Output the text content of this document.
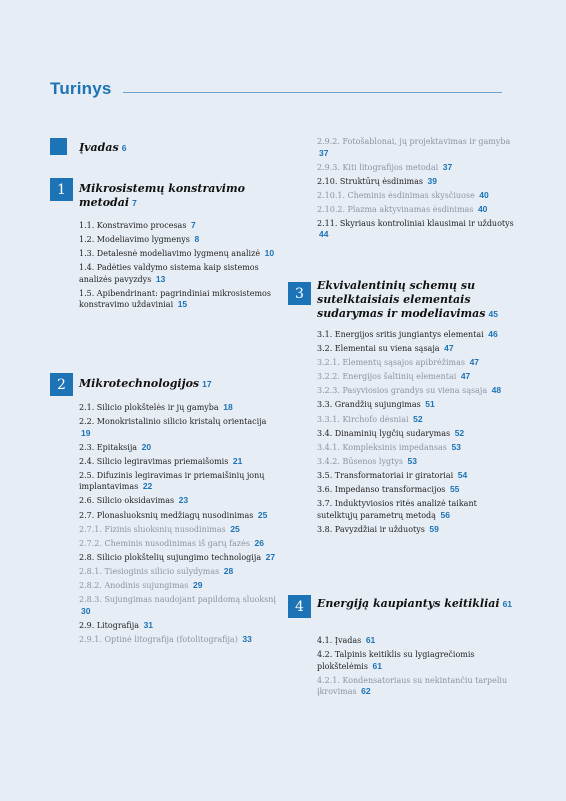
Turinys
Įvadas 6
1	Mikrosistemų konstravimo metodai 7
1.1. Konstravimo procesas 7
1.2. Modeliavimo lygmenys 8
1.3. Detalesnė modeliavimo lygmenų analizė 10
1.4. Padėties valdymo sistema kaip sistemos analizės pavyzdys 13
1.5. Apibendrinant: pagrindiniai mikrosistemos konstravimo uždaviniai 15
2	Mikrotechnologijos 17
2.1. Silicio plokštelės ir jų gamyba 18
2.2. Monokristalinio silicio kristalų orientacija 19
2.3. Epitaksija 20
2.4. Silicio legiravimas priemaišomis 21
2.5. Difuzinis legiravimas ir priemaišinių jonų implantavimas 22
2.6. Silicio oksidavimas 23
2.7. Plonasluoksnių medžiagų nusodinimas 25
2.7.1. Fizinis sluoksnių nusodinimas 25
2.7.2. Cheminis nusodinimas iš garų fazės 26
2.8. Silicio plokštelių sujungimo technologija 27
2.8.1. Tiesioginis silicio sulydymas 28
2.8.2. Anodinis sujungimas 29
2.8.3. Sujungimas naudojant papildomą sluoksnį 30
2.9. Litografija 31
2.9.1. Optinė litografija (fotolitografija) 33
2.9.2. Fotošablonai, jų projektavimas ir gamyba 37
2.9.3. Kiti litografijos metodai 37
2.10. Struktūrų ėsdinimas 39
2.10.1. Cheminis ėsdinimas skysčiuose 40
2.10.2. Plazma aktyvinamas ėsdinimas 40
2.11. Skyriaus kontroliniai klausimai ir užduotys 44
3	Ekvivalentinių schemų su sutelktaisiais elementais sudarymas ir modeliavimas 45
3.1. Energijos sritis jungiantys elementai 46
3.2. Elementai su viena sąsaja 47
3.2.1. Elementų sąsajos apibrėžimas 47
3.2.2. Energijos šaltinių elementai 47
3.2.3. Pasyviosios grandys su viena sąsaja 48
3.3. Grandžių sujungimas 51
3.3.1. Kirchofo dėsniai 52
3.4. Dinaminių lygčių sudarymas 52
3.4.1. Kompleksinis impedansas 53
3.4.2. Būsenos lygtys 53
3.5. Transformatoriai ir giratoriai 54
3.6. Impedanso transformacijos 55
3.7. Induktyviosios ritės analizė taikant sutelktųjų parametrų metodą 56
3.8. Pavyzdžiai ir užduotys 59
4	Energiją kaupiantys keitikliai 61
4.1. Įvadas 61
4.2. Talpinis keitiklis su lygiagrečiomis plokštelėmis 61
4.2.1. Kondensatoriaus su nekintančiu tarpeliu įkrovimas 62
